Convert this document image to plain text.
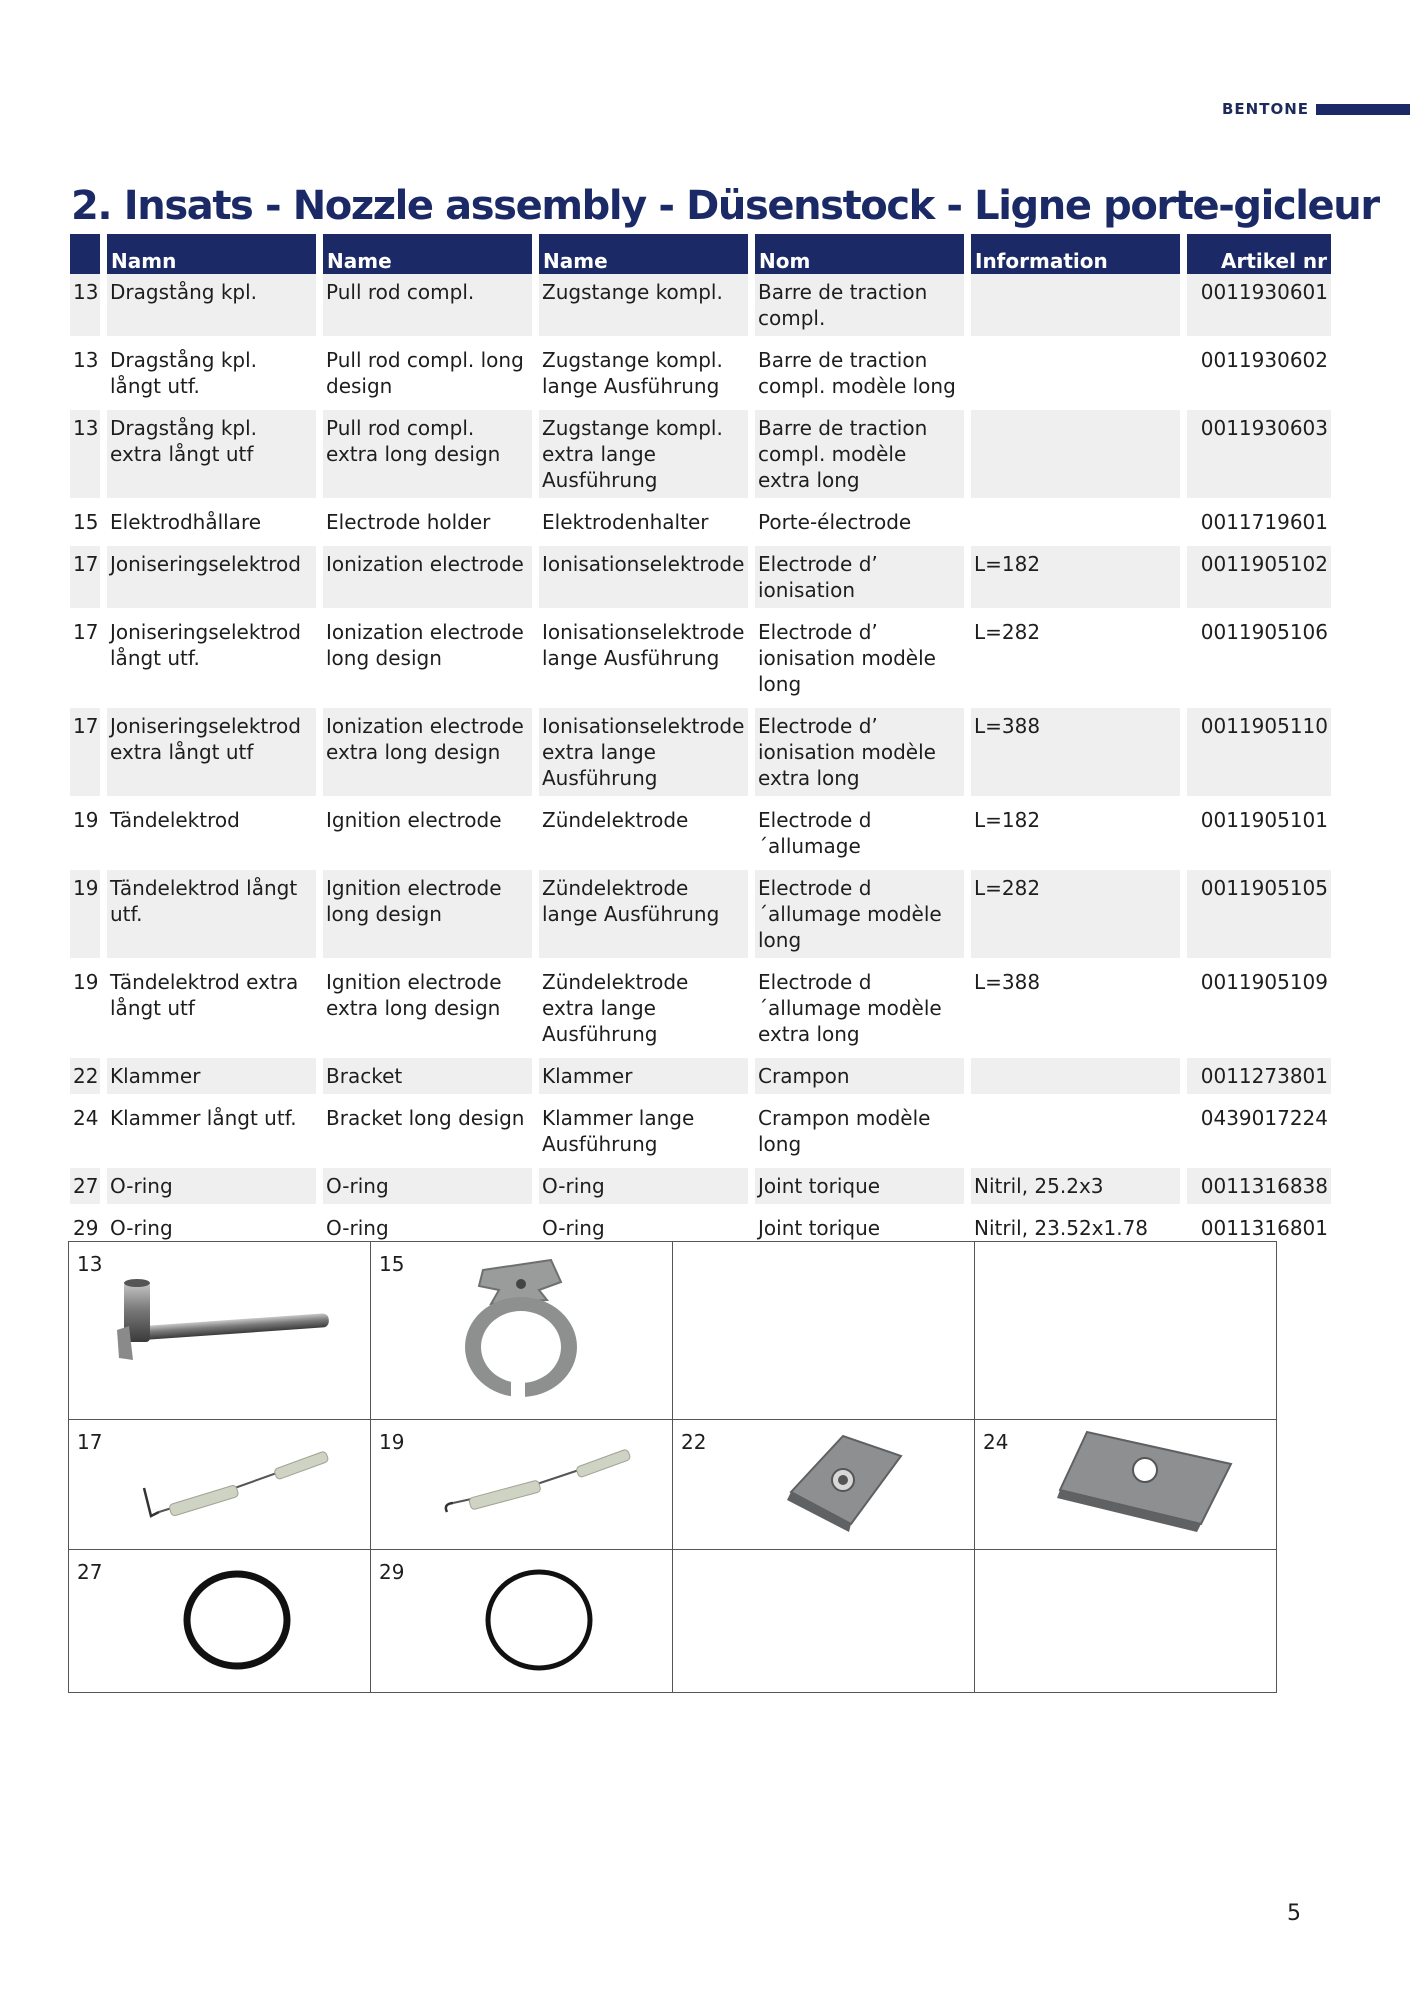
BENTONE
2. Insats - Nozzle assembly - Düsenstock - Ligne porte-gicleur
	Namn	Name	Name	Nom	Information	Artikel nr
13	Dragstång kpl.	Pull rod compl.	Zugstange kompl.	Barre de traction compl.		0011930601

13	Dragstång kpl. långt utf.	Pull rod compl. long design	Zugstange kompl. lange Ausführung	Barre de traction compl. modèle long		0011930602

13	Dragstång kpl. extra långt utf	Pull rod compl. extra long design	Zugstange kompl. extra lange Ausführung	Barre de traction compl. modèle extra long		0011930603

15	Elektrodhållare	Electrode holder	Elektrodenhalter	Porte-électrode		0011719601

17	Joniseringselektrod	Ionization electrode	Ionisationselektrode	Electrode d’ ionisation	L=182	0011905102

17	Joniseringselektrod långt utf.	Ionization electrode long design	Ionisationselektrode lange Ausführung	Electrode d’ ionisation modèle long	L=282	0011905106

17	Joniseringselektrod extra långt utf	Ionization electrode extra long design	Ionisationselektrode extra lange Ausführung	Electrode d’ ionisation modèle extra long	L=388	0011905110

19	Tändelektrod	Ignition electrode	Zündelektrode	Electrode d´allumage	L=182	0011905101

19	Tändelektrod långt utf.	Ignition electrode long design	Zündelektrode lange Ausführung	Electrode d´allumage modèle long	L=282	0011905105

19	Tändelektrod extra långt utf	Ignition electrode extra long design	Zündelektrode extra lange Ausführung	Electrode d´allumage modèle extra long	L=388	0011905109

22	Klammer	Bracket	Klammer	Crampon		0011273801

24	Klammer långt utf.	Bracket long design	Klammer lange Ausführung	Crampon modèle long		0439017224

27	O-ring	O-ring	O-ring	Joint torique	Nitril, 25.2x3	0011316838

29	O-ring	O-ring	O-ring	Joint torique	Nitril, 23.52x1.78	0011316801
13	15		

17	19	22	24

27	29		

5
